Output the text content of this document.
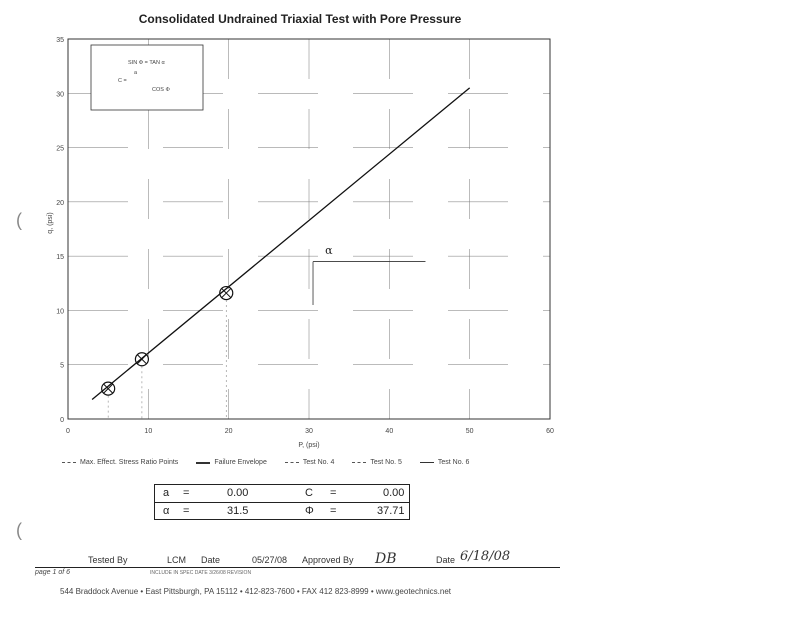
Consolidated Undrained Triaxial Test with Pore Pressure
0	10	20	30	40	50	60
0
5
10
15
20
25
30
35
P, (psi)
q, (psi)
α
SIN Φ = TAN α
a
C =
COS Φ
Max. Effect. Stress Ratio Points	Failure Envelope	Test No. 4	Test No. 5	Test No. 6
a =	0.00	C =	0.00
α =	31.5	Φ =	37.71
Tested By	LCM Date	05/27/08 Approved By DB	Date 6/18/08
page 1 of 6	INCLUDE IN SPEC DATE 3/26/08 REVISION
544 Braddock Avenue • East Pittsburgh, PA 15112 • 412-823-7600 • FAX 412 823-8999 • www.geotechnics.net
(
(
